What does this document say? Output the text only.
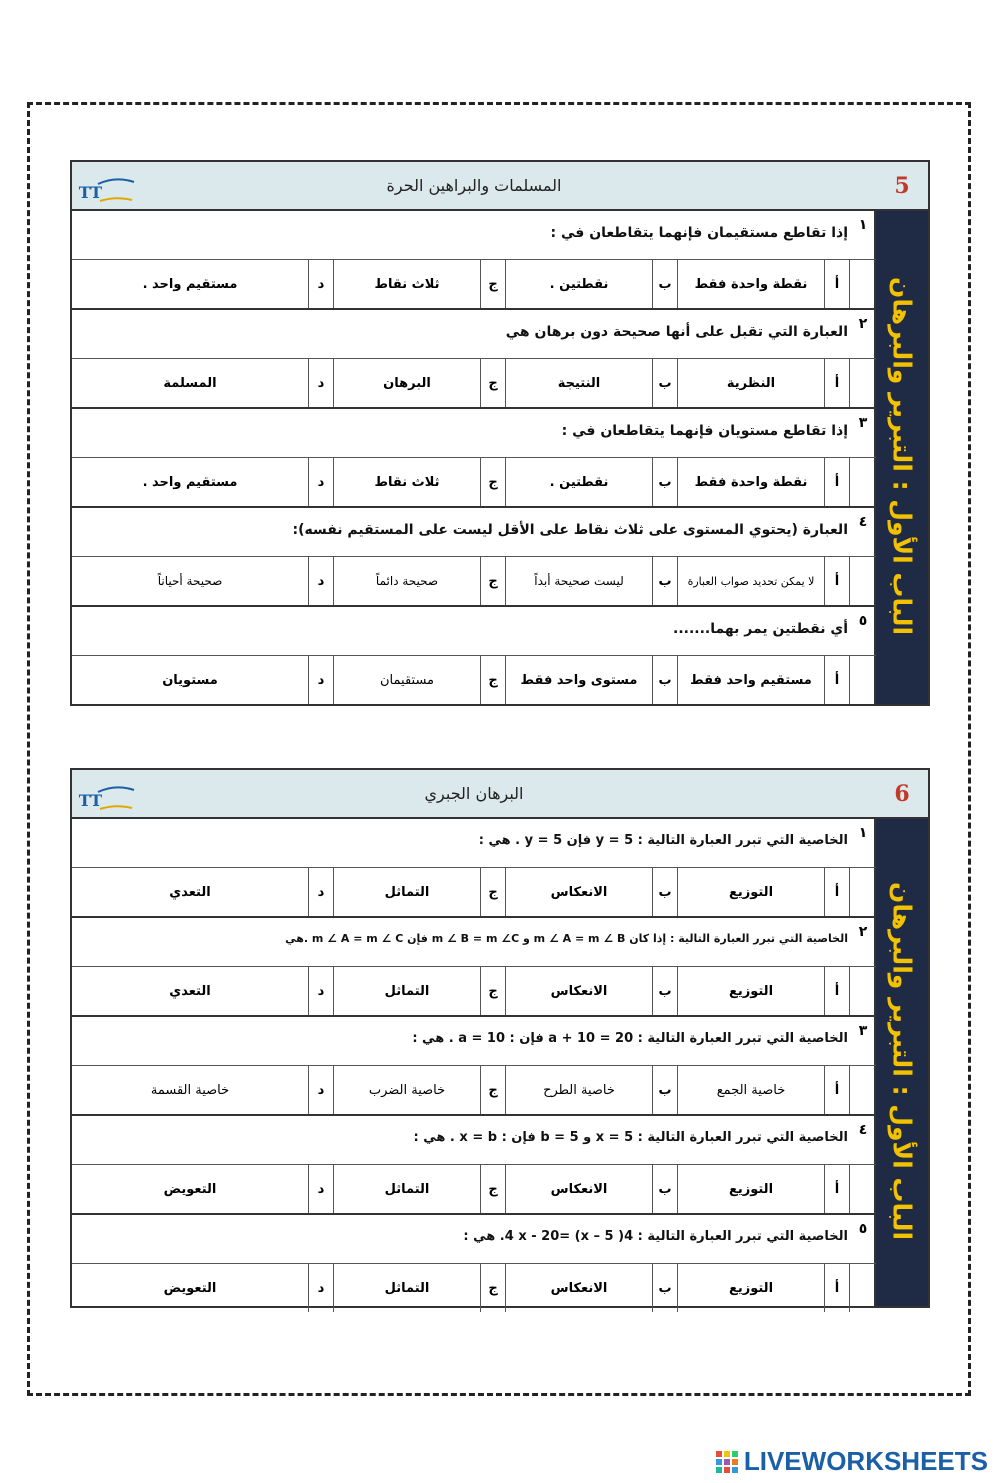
5
الباب الأول : التبرير والبرهان
المسلمات والبراهين الحرة
TT
١
إذا تقاطع مستقيمان فإنهما يتقاطعان في :
أ
نقطة واحدة فقط
ب
نقطتين .
ج
ثلاث نقاط
د
مستقيم واحد .
٢
العبارة التي تقبل على أنها صحيحة دون برهان هي
أ
النظرية
ب
النتيجة
ج
البرهان
د
المسلمة
٣
إذا تقاطع مستويان فإنهما يتقاطعان في :
أ
نقطة واحدة فقط
ب
نقطتين .
ج
ثلاث نقاط
د
مستقيم واحد .
٤
العبارة (يحتوي المستوى على ثلاث نقاط على الأقل ليست على المستقيم نفسه):
أ
لا يمكن تحديد صواب العبارة
ب
ليست صحيحة أبداً
ج
صحيحة دائماً
د
صحيحة أحياناً
٥
أي نقطتين يمر بهما.......
أ
مستقيم واحد فقط
ب
مستوى واحد فقط
ج
مستقيمان
د
مستويان
6
الباب الأول : التبرير والبرهان
البرهان الجبري
TT
١
الخاصية التي تبرر العبارة التالية : y = 5 فإن 5 = y . هي :
أ
التوزيع
ب
الانعكاس
ج
التماثل
د
التعدي
٢
الخاصية التي تبرر العبارة التالية : إذا كان m ∠ A = m ∠ B و m ∠ B = m ∠C فإن m ∠ A = m ∠ C .هي
أ
التوزيع
ب
الانعكاس
ج
التماثل
د
التعدي
٣
الخاصية التي تبرر العبارة التالية : a + 10 = 20 فإن : a = 10 . هي :
أ
خاصية الجمع
ب
خاصية الطرح
ج
خاصية الضرب
د
خاصية القسمة
٤
الخاصية التي تبرر العبارة التالية : x = 5 و b = 5 فإن : x = b . هي :
أ
التوزيع
ب
الانعكاس
ج
التماثل
د
التعويض
٥
الخاصية التي تبرر العبارة التالية : 4( x – 5) =4 x - 20. هي :
أ
التوزيع
ب
الانعكاس
ج
التماثل
د
التعويض
LIVEWORKSHEETS
